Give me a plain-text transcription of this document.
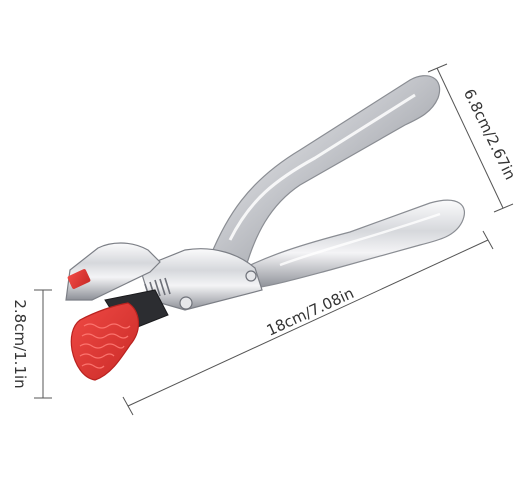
6.8cm/2.67in
18cm/7.08in
2.8cm/1.1in
